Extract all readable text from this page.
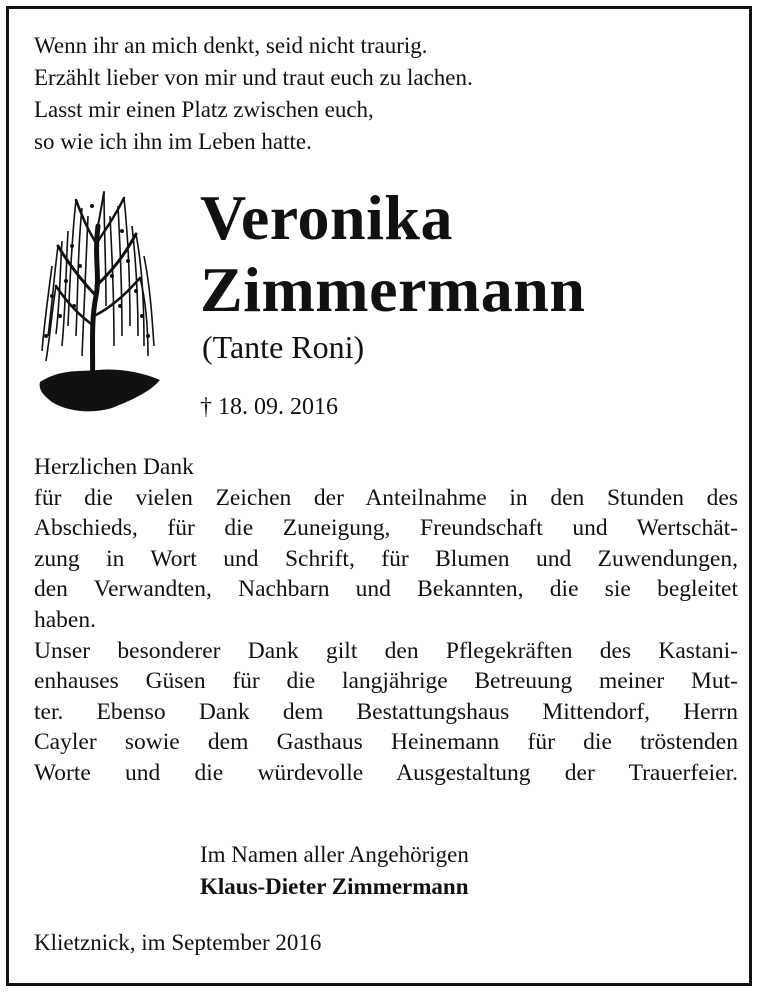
Wenn ihr an mich denkt, seid nicht traurig.
Erzählt lieber von mir und traut euch zu lachen.
Lasst mir einen Platz zwischen euch,
so wie ich ihn im Leben hatte.
Veronika
Zimmermann
(Tante Roni)
† 18. 09. 2016
Herzlichen Dank
für die vielen Zeichen der Anteilnahme in den Stunden des
Abschieds, für die Zuneigung, Freundschaft und Wertschät-
zung in Wort und Schrift, für Blumen und Zuwendungen,
den Verwandten, Nachbarn und Bekannten, die sie begleitet
haben.
Unser besonderer Dank gilt den Pflegekräften des Kastani-
enhauses Güsen für die langjährige Betreuung meiner Mut-
ter. Ebenso Dank dem Bestattungshaus Mittendorf, Herrn
Cayler sowie dem Gasthaus Heinemann für die tröstenden
Worte und die würdevolle Ausgestaltung der Trauerfeier.
Im Namen aller Angehörigen
Klaus-Dieter Zimmermann
Klietznick, im September 2016
